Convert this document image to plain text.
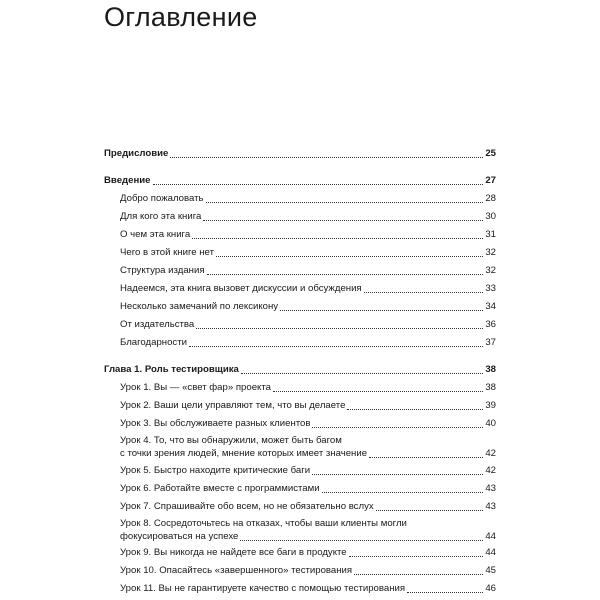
Оглавление
Предисловие	25
Введение	27
Добро пожаловать	28
Для кого эта книга	30
О чем эта книга	31
Чего в этой книге нет	32
Структура издания	32
Надеемся, эта книга вызовет дискуссии и обсуждения	33
Несколько замечаний по лексикону	34
От издательства	36
Благодарности	37
Глава 1. Роль тестировщика	38
Урок 1. Вы — «свет фар» проекта	38
Урок 2. Ваши цели управляют тем, что вы делаете	39
Урок 3. Вы обслуживаете разных клиентов	40
Урок 4. То, что вы обнаружили, может быть багом
с точки зрения людей, мнение которых имеет значение	42
Урок 5. Быстро находите критические баги	42
Урок 6. Работайте вместе с программистами	43
Урок 7. Спрашивайте обо всем, но не обязательно вслух	43
Урок 8. Сосредоточьтесь на отказах, чтобы ваши клиенты могли
фокусироваться на успехе	44
Урок 9. Вы никогда не найдете все баги в продукте	44
Урок 10. Опасайтесь «завершенного» тестирования	45
Урок 11. Вы не гарантируете качество с помощью тестирования	46
